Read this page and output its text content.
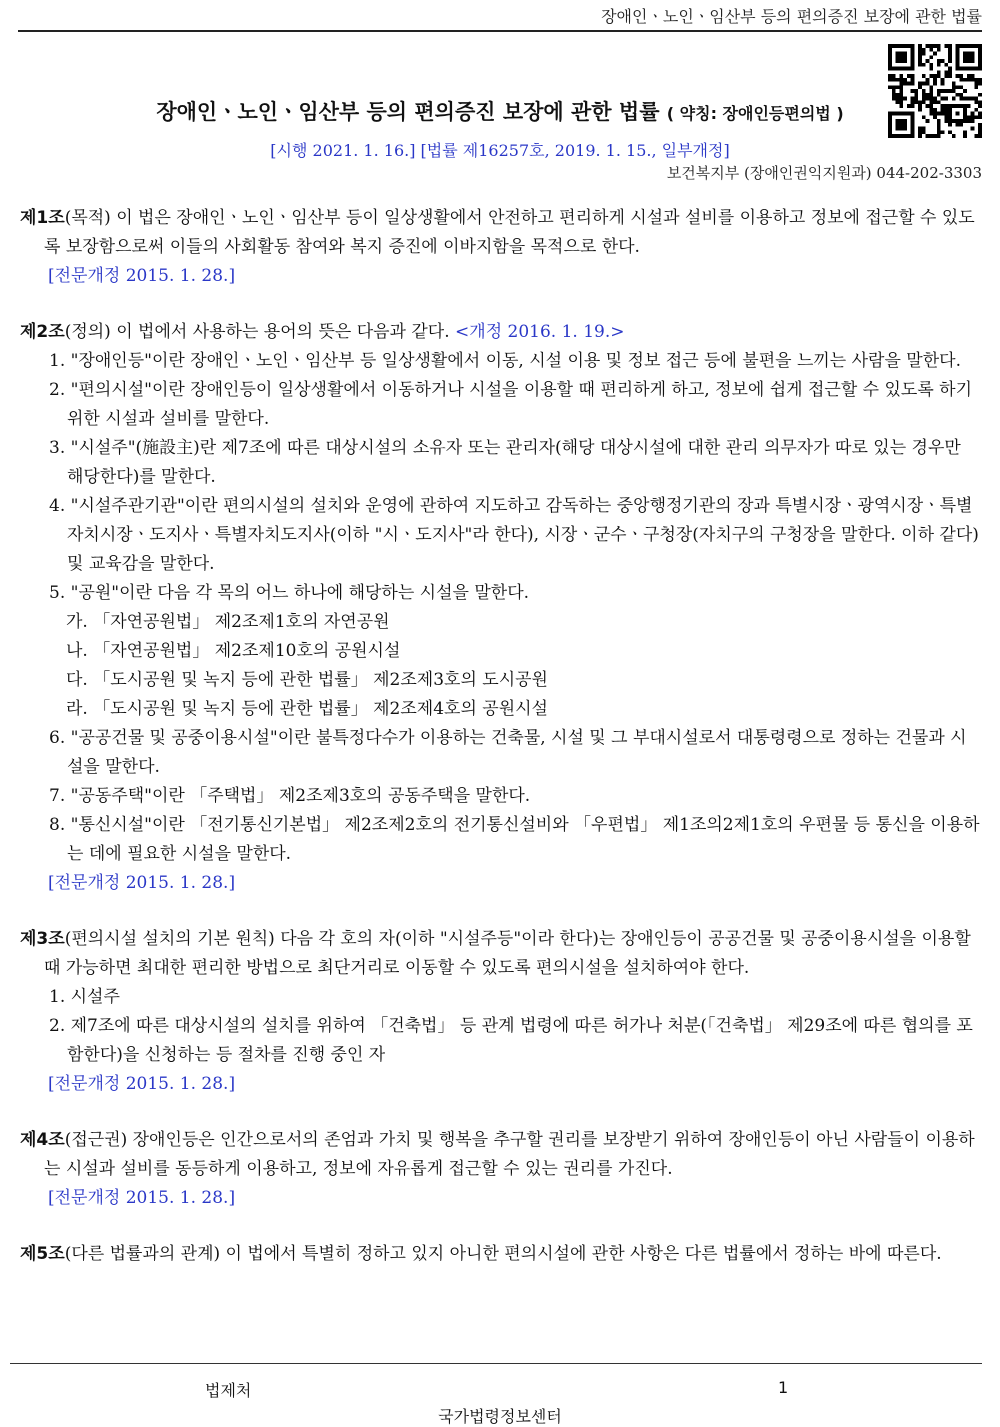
장애인ㆍ노인ㆍ임산부 등의 편의증진 보장에 관한 법률
장애인ㆍ노인ㆍ임산부 등의 편의증진 보장에 관한 법률 ( 약칭: 장애인등편의법 )
[시행 2021. 1. 16.] [법률 제16257호, 2019. 1. 15., 일부개정]
보건복지부 (장애인권익지원과) 044-202-3303

제1조(목적) 이 법은 장애인ㆍ노인ㆍ임산부 등이 일상생활에서 안전하고 편리하게 시설과 설비를 이용하고 정보에 접근할 수 있도록 보장함으로써 이들의 사회활동 참여와 복지 증진에 이바지함을 목적으로 한다.

[전문개정 2015. 1. 28.]

제2조(정의) 이 법에서 사용하는 용어의 뜻은 다음과 같다. <개정 2016. 1. 19.>

1. "장애인등"이란 장애인ㆍ노인ㆍ임산부 등 일상생활에서 이동, 시설 이용 및 정보 접근 등에 불편을 느끼는 사람을 말한다.

2. "편의시설"이란 장애인등이 일상생활에서 이동하거나 시설을 이용할 때 편리하게 하고, 정보에 쉽게 접근할 수 있도록 하기 위한 시설과 설비를 말한다.

3. "시설주"(施設主)란 제7조에 따른 대상시설의 소유자 또는 관리자(해당 대상시설에 대한 관리 의무자가 따로 있는 경우만 해당한다)를 말한다.

4. "시설주관기관"이란 편의시설의 설치와 운영에 관하여 지도하고 감독하는 중앙행정기관의 장과 특별시장ㆍ광역시장ㆍ특별자치시장ㆍ도지사ㆍ특별자치도지사(이하 "시ㆍ도지사"라 한다), 시장ㆍ군수ㆍ구청장(자치구의 구청장을 말한다. 이하 같다) 및 교육감을 말한다.

5. "공원"이란 다음 각 목의 어느 하나에 해당하는 시설을 말한다.

가. 「자연공원법」 제2조제1호의 자연공원

나. 「자연공원법」 제2조제10호의 공원시설

다. 「도시공원 및 녹지 등에 관한 법률」 제2조제3호의 도시공원

라. 「도시공원 및 녹지 등에 관한 법률」 제2조제4호의 공원시설

6. "공공건물 및 공중이용시설"이란 불특정다수가 이용하는 건축물, 시설 및 그 부대시설로서 대통령령으로 정하는 건물과 시설을 말한다.

7. "공동주택"이란 「주택법」 제2조제3호의 공동주택을 말한다.

8. "통신시설"이란 「전기통신기본법」 제2조제2호의 전기통신설비와 「우편법」 제1조의2제1호의 우편물 등 통신을 이용하는 데에 필요한 시설을 말한다.

[전문개정 2015. 1. 28.]

제3조(편의시설 설치의 기본 원칙) 다음 각 호의 자(이하 "시설주등"이라 한다)는 장애인등이 공공건물 및 공중이용시설을 이용할 때 가능하면 최대한 편리한 방법으로 최단거리로 이동할 수 있도록 편의시설을 설치하여야 한다.

1. 시설주

2. 제7조에 따른 대상시설의 설치를 위하여 「건축법」 등 관계 법령에 따른 허가나 처분(「건축법」 제29조에 따른 협의를 포함한다)을 신청하는 등 절차를 진행 중인 자

[전문개정 2015. 1. 28.]

제4조(접근권) 장애인등은 인간으로서의 존엄과 가치 및 행복을 추구할 권리를 보장받기 위하여 장애인등이 아닌 사람들이 이용하는 시설과 설비를 동등하게 이용하고, 정보에 자유롭게 접근할 수 있는 권리를 가진다.

[전문개정 2015. 1. 28.]

제5조(다른 법률과의 관계) 이 법에서 특별히 정하고 있지 아니한 편의시설에 관한 사항은 다른 법률에서 정하는 바에 따른다.

법제처	1
국가법령정보센터
